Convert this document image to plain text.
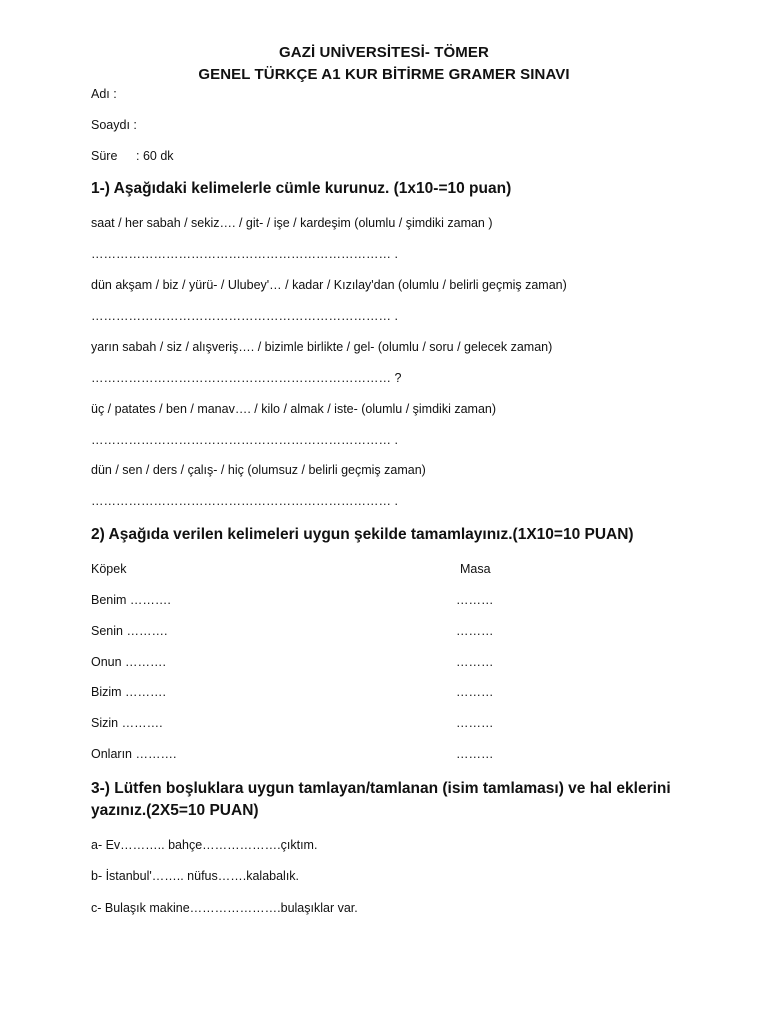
GAZİ UNİVERSİTESİ- TÖMER
GENEL TÜRKÇE A1 KUR BİTİRME GRAMER SINAVI
Adı :
Soaydı :
Süre : 60 dk
1-) Aşağıdaki kelimelerle cümle kurunuz. (1x10-=10 puan)
saat / her sabah / sekiz…. / git- / işe / kardeşim (olumlu / şimdiki zaman )
……………………………………………………………… .
dün akşam / biz / yürü- / Ulubey'… / kadar / Kızılay'dan (olumlu / belirli geçmiş zaman)
……………………………………………………………… .
yarın sabah / siz / alışveriş…. / bizimle birlikte / gel- (olumlu / soru / gelecek zaman)
……………………………………………………………… ?
üç / patates / ben / manav…. / kilo / almak / iste- (olumlu / şimdiki zaman)
……………………………………………………………… .
dün / sen / ders / çalış- / hiç (olumsuz / belirli geçmiş zaman)
……………………………………………………………… .
2) Aşağıda verilen kelimeleri uygun şekilde tamamlayınız.(1X10=10 PUAN)
Köpek	Masa
Benim ……….	………
Senin ……….	………
Onun ……….	………
Bizim ……….	………
Sizin ……….	………
Onların ……….	………
3-) Lütfen boşluklara uygun tamlayan/tamlanan (isim tamlaması) ve hal eklerini yazınız.(2X5=10 PUAN)
a- Ev……….. bahçe……………….çıktım.
b- İstanbul'…….. nüfus…….kalabalık.
c- Bulaşık makine………………….bulaşıklar var.
